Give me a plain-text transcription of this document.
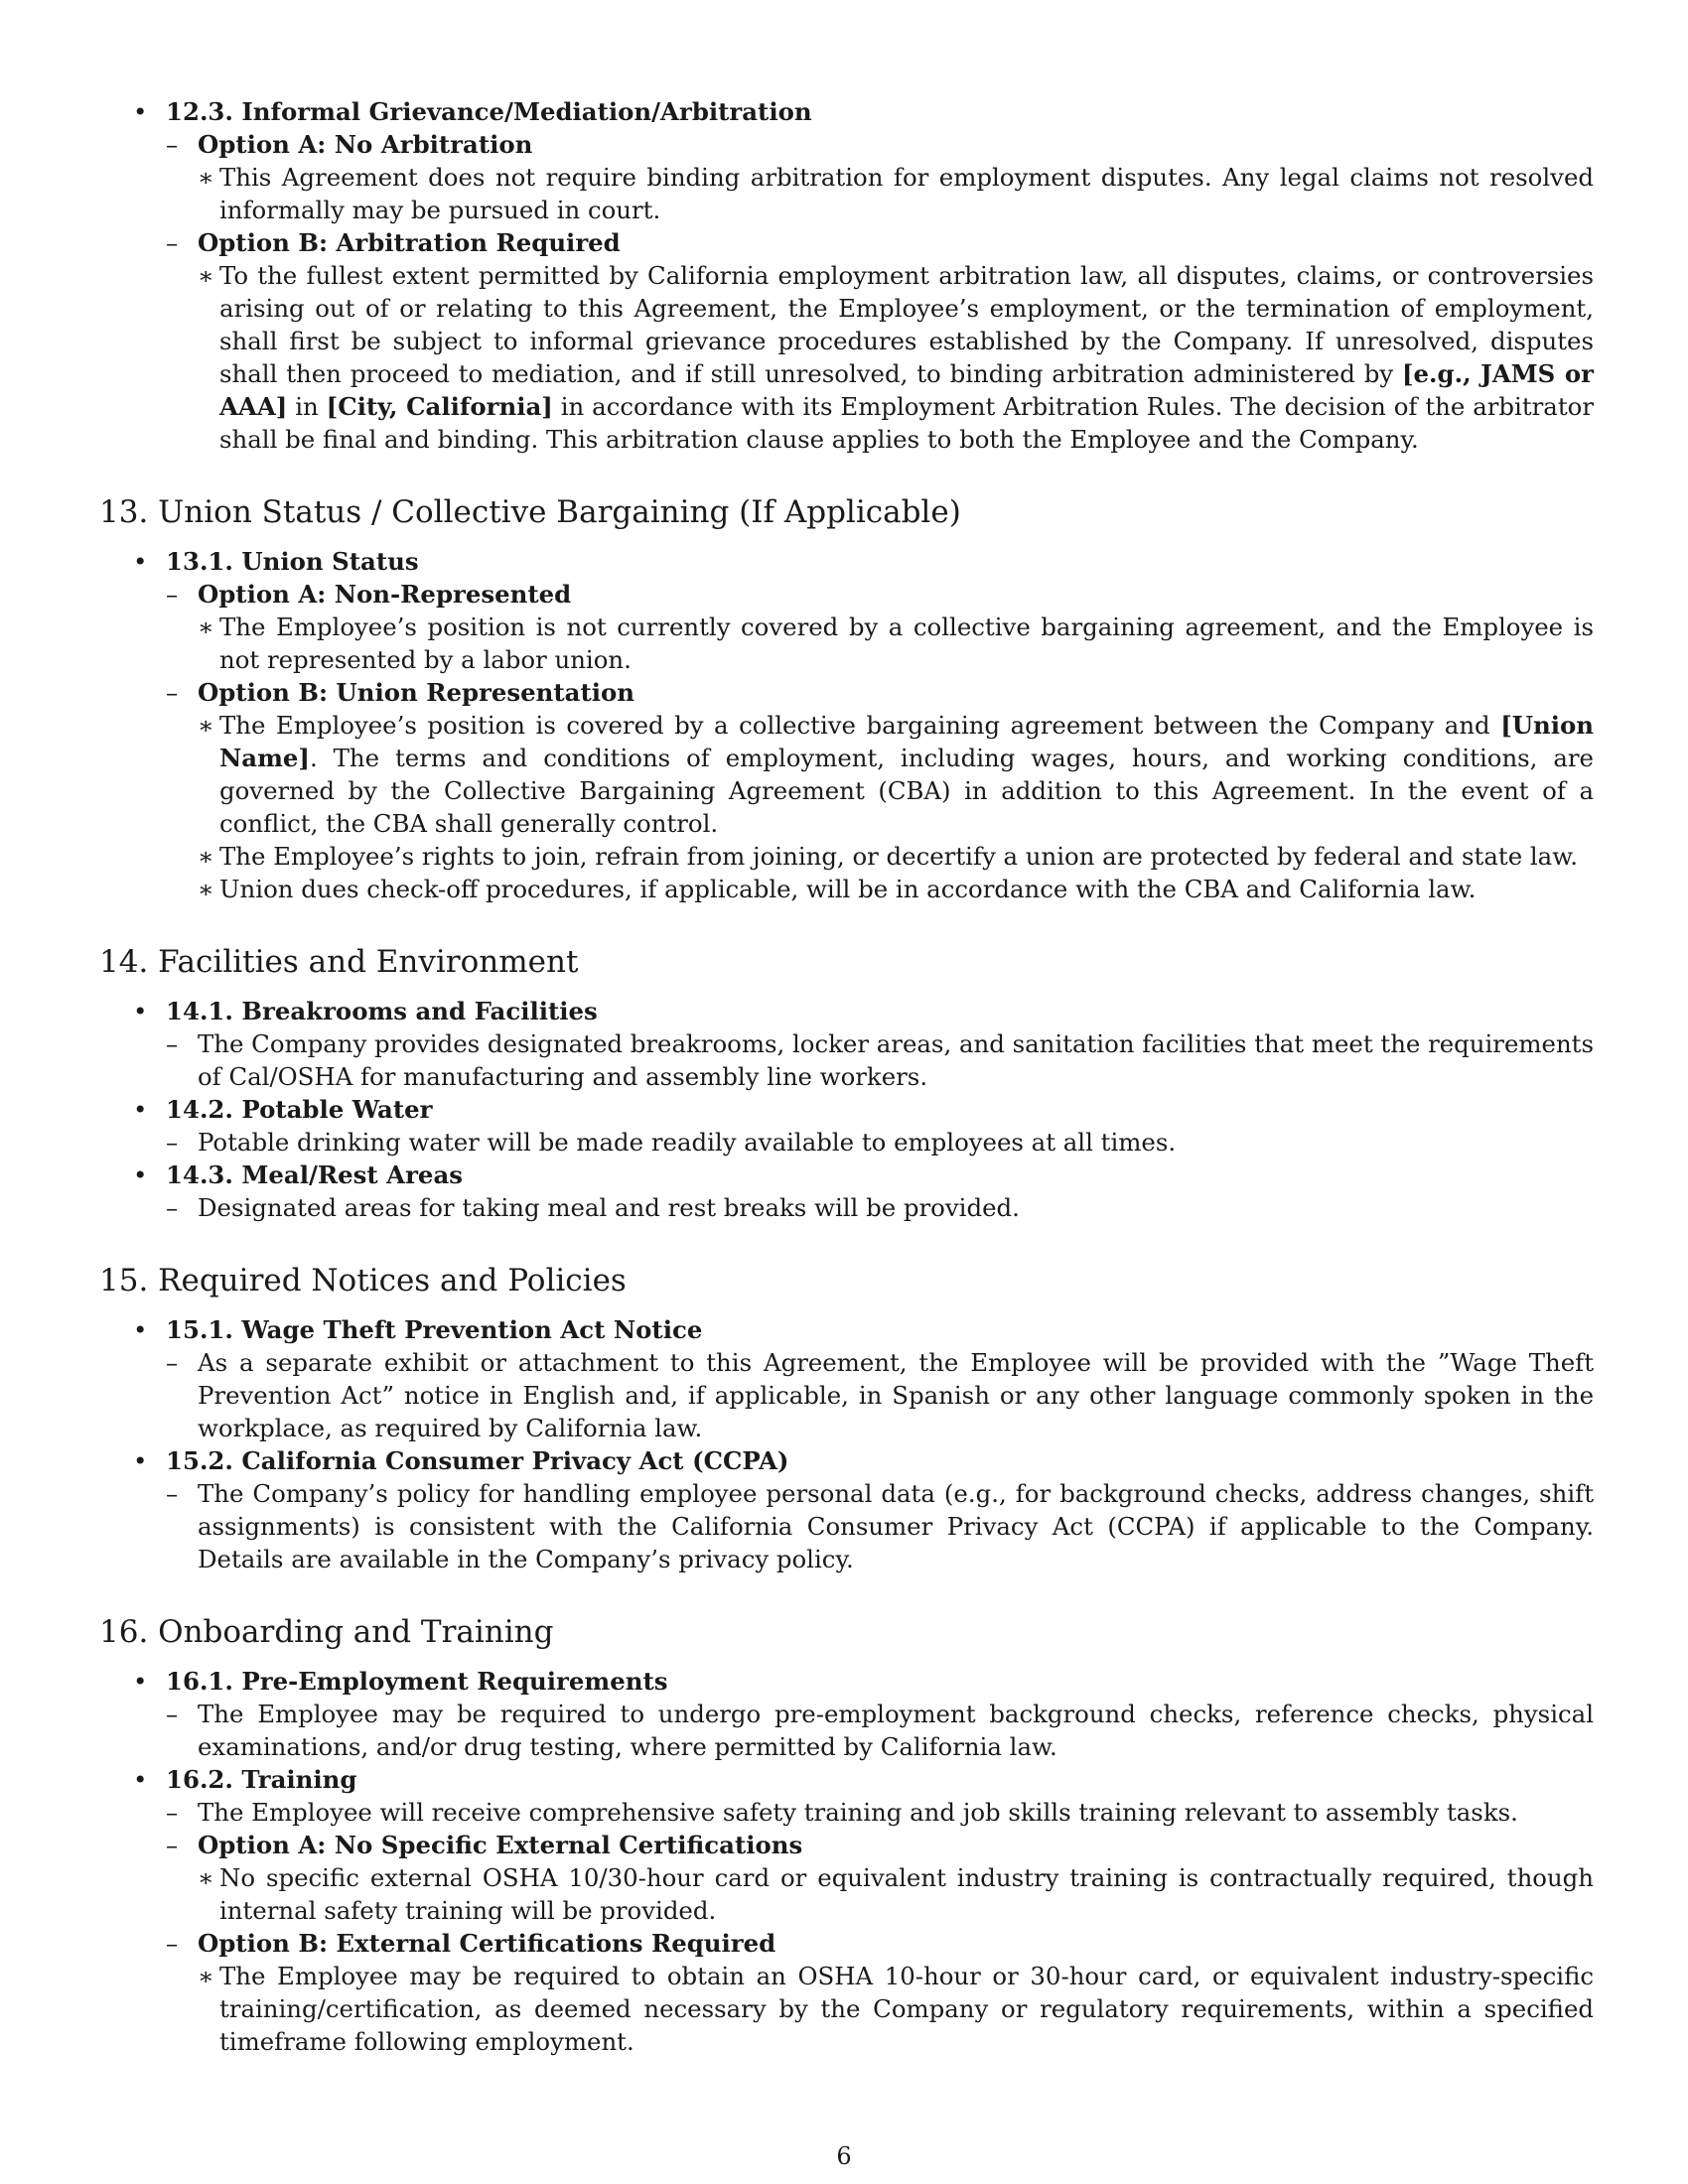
• 12.3. Informal Grievance/Mediation/Arbitration
– Option A: No Arbitration
∗ This Agreement does not require binding arbitration for employment disputes. Any legal claims not resolved informally may be pursued in court.
– Option B: Arbitration Required
∗ To the fullest extent permitted by California employment arbitration law, all disputes, claims, or controversies arising out of or relating to this Agreement, the Employee’s employment, or the termination of employment, shall first be subject to informal grievance procedures established by the Company. If unresolved, disputes shall then proceed to mediation, and if still unresolved, to binding arbitration administered by [e.g., JAMS or AAA] in [City, California] in accordance with its Employment Arbitration Rules. The decision of the arbitrator shall be final and binding. This arbitration clause applies to both the Employee and the Company.
13. Union Status / Collective Bargaining (If Applicable)
• 13.1. Union Status
– Option A: Non-Represented
∗ The Employee’s position is not currently covered by a collective bargaining agreement, and the Employee is not represented by a labor union.
– Option B: Union Representation
∗ The Employee’s position is covered by a collective bargaining agreement between the Company and [Union Name]. The terms and conditions of employment, including wages, hours, and working conditions, are governed by the Collective Bargaining Agreement (CBA) in addition to this Agreement. In the event of a conflict, the CBA shall generally control.
∗ The Employee’s rights to join, refrain from joining, or decertify a union are protected by federal and state law.
∗ Union dues check-off procedures, if applicable, will be in accordance with the CBA and California law.
14. Facilities and Environment
• 14.1. Breakrooms and Facilities
– The Company provides designated breakrooms, locker areas, and sanitation facilities that meet the requirements of Cal/OSHA for manufacturing and assembly line workers.
• 14.2. Potable Water
– Potable drinking water will be made readily available to employees at all times.
• 14.3. Meal/Rest Areas
– Designated areas for taking meal and rest breaks will be provided.
15. Required Notices and Policies
• 15.1. Wage Theft Prevention Act Notice
– As a separate exhibit or attachment to this Agreement, the Employee will be provided with the ”Wage Theft Prevention Act” notice in English and, if applicable, in Spanish or any other language commonly spoken in the workplace, as required by California law.
• 15.2. California Consumer Privacy Act (CCPA)
– The Company’s policy for handling employee personal data (e.g., for background checks, address changes, shift assignments) is consistent with the California Consumer Privacy Act (CCPA) if applicable to the Company. Details are available in the Company’s privacy policy.
16. Onboarding and Training
• 16.1. Pre-Employment Requirements
– The Employee may be required to undergo pre-employment background checks, reference checks, physical examinations, and/or drug testing, where permitted by California law.
• 16.2. Training
– The Employee will receive comprehensive safety training and job skills training relevant to assembly tasks.
– Option A: No Specific External Certifications
∗ No specific external OSHA 10/30-hour card or equivalent industry training is contractually required, though internal safety training will be provided.
– Option B: External Certifications Required
∗ The Employee may be required to obtain an OSHA 10-hour or 30-hour card, or equivalent industry-specific training/certification, as deemed necessary by the Company or regulatory requirements, within a specified timeframe following employment.
6
